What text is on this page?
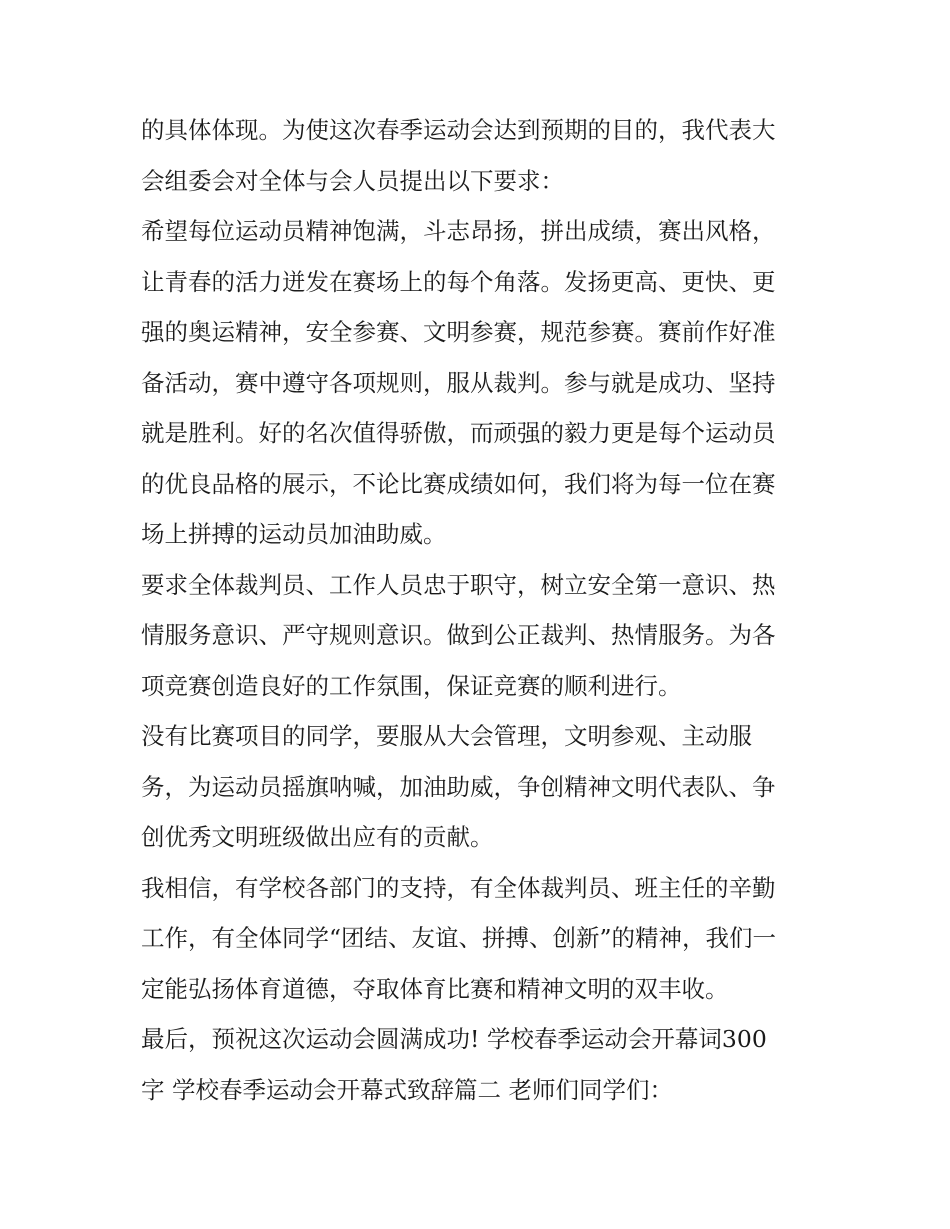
的具体体现。为使这次春季运动会达到预期的目的，我代表大
会组委会对全体与会人员提出以下要求：
希望每位运动员精神饱满，斗志昂扬，拼出成绩，赛出风格，
让青春的活力迸发在赛场上的每个角落。发扬更高、更快、更
强的奥运精神，安全参赛、文明参赛，规范参赛。赛前作好准
备活动，赛中遵守各项规则，服从裁判。参与就是成功、坚持
就是胜利。好的名次值得骄傲，而顽强的毅力更是每个运动员
的优良品格的展示，不论比赛成绩如何，我们将为每一位在赛
场上拼搏的运动员加油助威。
要求全体裁判员、工作人员忠于职守，树立安全第一意识、热
情服务意识、严守规则意识。做到公正裁判、热情服务。为各
项竞赛创造良好的工作氛围，保证竞赛的顺利进行。
没有比赛项目的同学，要服从大会管理，文明参观、主动服
务，为运动员摇旗呐喊，加油助威，争创精神文明代表队、争
创优秀文明班级做出应有的贡献。
我相信，有学校各部门的支持，有全体裁判员、班主任的辛勤
工作，有全体同学“团结、友谊、拼搏、创新”的精神，我们一
定能弘扬体育道德，夺取体育比赛和精神文明的双丰收。
最后，预祝这次运动会圆满成功! 学校春季运动会开幕词300
字 学校春季运动会开幕式致辞篇二 老师们同学们：
